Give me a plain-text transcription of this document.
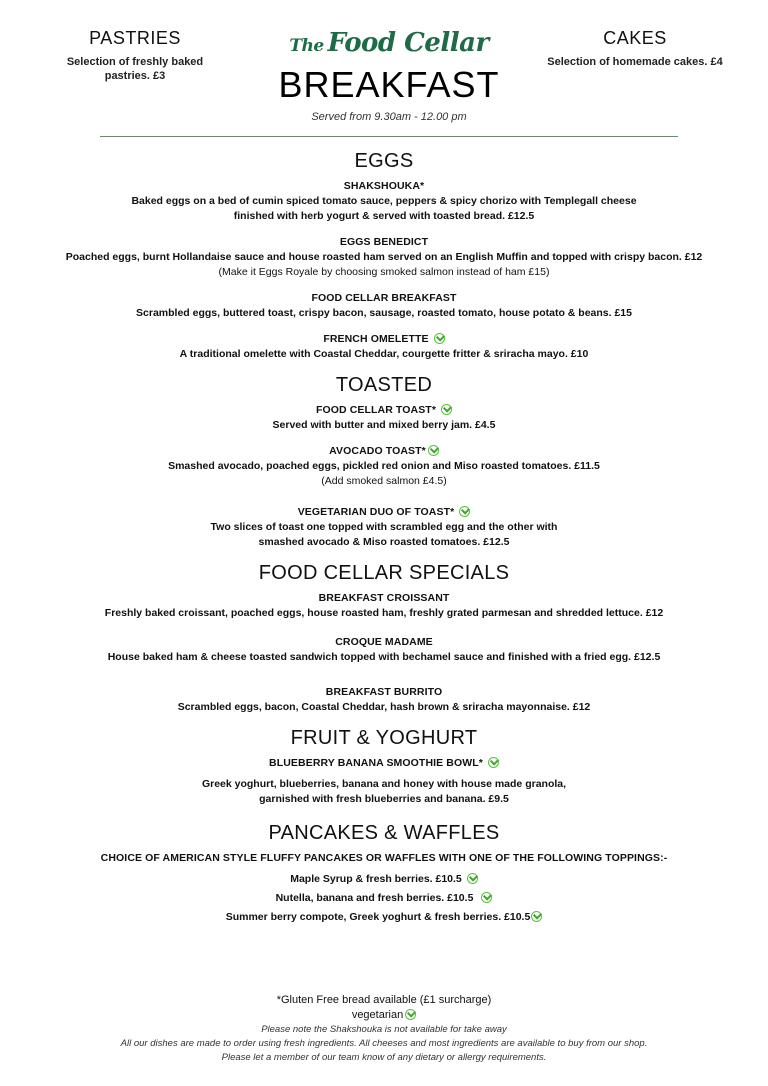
PASTRIES
Selection of freshly baked pastries. £3
The Food Cellar
BREAKFAST
Served from 9.30am - 12.00 pm
CAKES
Selection of homemade cakes. £4
EGGS
SHAKSHOUKA*
Baked eggs on a bed of cumin spiced tomato sauce, peppers & spicy chorizo with Templegall cheese
finished with herb yogurt & served with toasted bread. £12.5
EGGS BENEDICT
Poached eggs, burnt Hollandaise sauce and house roasted ham served on an English Muffin and topped with crispy bacon. £12
(Make it Eggs Royale by choosing smoked salmon instead of ham £15)
FOOD CELLAR BREAKFAST
Scrambled eggs, buttered toast, crispy bacon, sausage, roasted tomato, house potato & beans. £15
FRENCH OMELETTE
A traditional omelette with Coastal Cheddar, courgette fritter & sriracha mayo. £10
TOASTED
FOOD CELLAR TOAST*
Served with butter and mixed berry jam. £4.5
AVOCADO TOAST*
Smashed avocado, poached eggs, pickled red onion and Miso roasted tomatoes. £11.5
(Add smoked salmon £4.5)
VEGETARIAN DUO OF TOAST*
Two slices of toast one topped with scrambled egg and the other with
smashed avocado & Miso roasted tomatoes. £12.5
FOOD CELLAR SPECIALS
BREAKFAST CROISSANT
Freshly baked croissant, poached eggs, house roasted ham, freshly grated parmesan and shredded lettuce. £12
CROQUE MADAME
House baked ham & cheese toasted sandwich topped with bechamel sauce and finished with a fried egg. £12.5
BREAKFAST BURRITO
Scrambled eggs, bacon, Coastal Cheddar, hash brown & sriracha mayonnaise. £12
FRUIT & YOGHURT
BLUEBERRY BANANA SMOOTHIE BOWL*
Greek yoghurt, blueberries, banana and honey with house made granola,
garnished with fresh blueberries and banana. £9.5
PANCAKES & WAFFLES
CHOICE OF AMERICAN STYLE FLUFFY PANCAKES OR WAFFLES WITH ONE OF THE FOLLOWING TOPPINGS:-
Maple Syrup & fresh berries. £10.5
Nutella, banana and fresh berries. £10.5
Summer berry compote, Greek yoghurt & fresh berries. £10.5
*Gluten Free bread available (£1 surcharge)
vegetarian
Please note the Shakshouka is not available for take away
All our dishes are made to order using fresh ingredients. All cheeses and most ingredients are available to buy from our shop.
Please let a member of our team know of any dietary or allergy requirements.
